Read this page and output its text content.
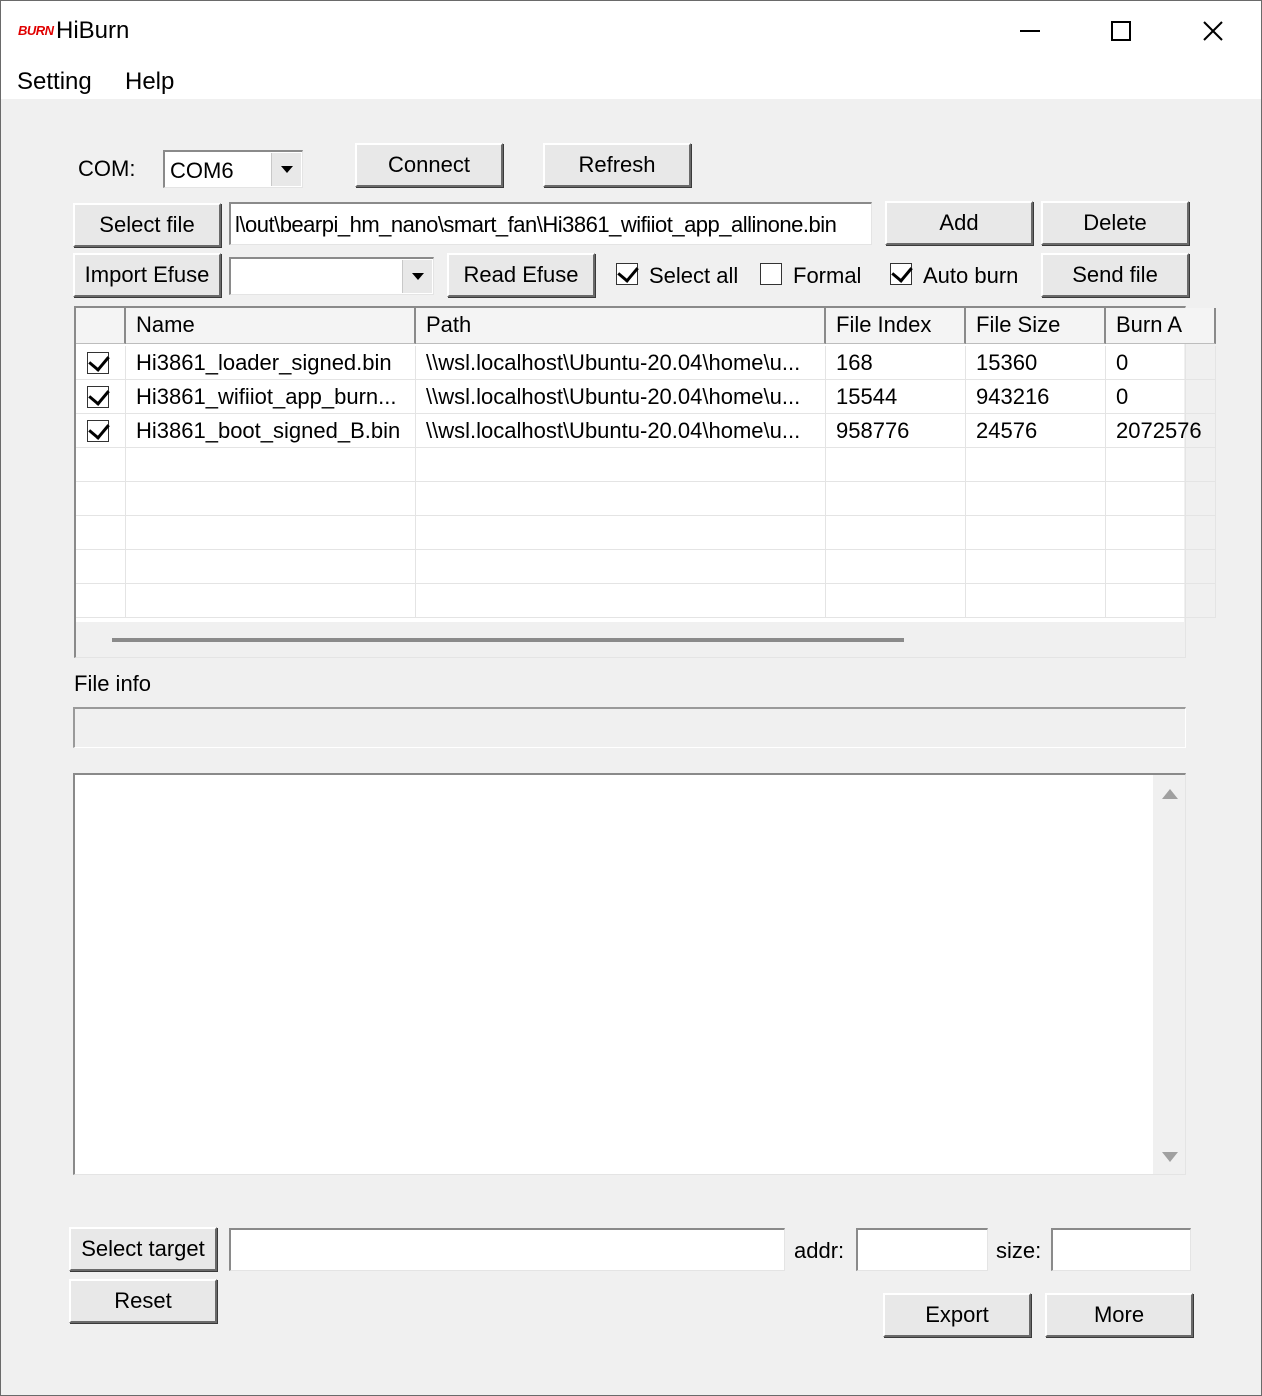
BURN HiBurn
Setting Help
COM: COM6	Connect	Refresh
Select file	l\out\bearpi_hm_nano\smart_fan\Hi3861_wifiiot_app_allinone.bin	Add	Delete
Import Efuse	Read Efuse	Select all Formal	Auto burn	Send file
Name	Path	File Index	File Size	Burn A
Hi3861_loader_signed.bin	\\wsl.localhost\Ubuntu-20.04\home\u...	168	15360	0
Hi3861_wifiiot_app_burn...	\\wsl.localhost\Ubuntu-20.04\home\u...	15544	943216	0
Hi3861_boot_signed_B.bin	\\wsl.localhost\Ubuntu-20.04\home\u...	958776	24576	2072576
File info
Select target	addr:	size:
Reset
Export	More
